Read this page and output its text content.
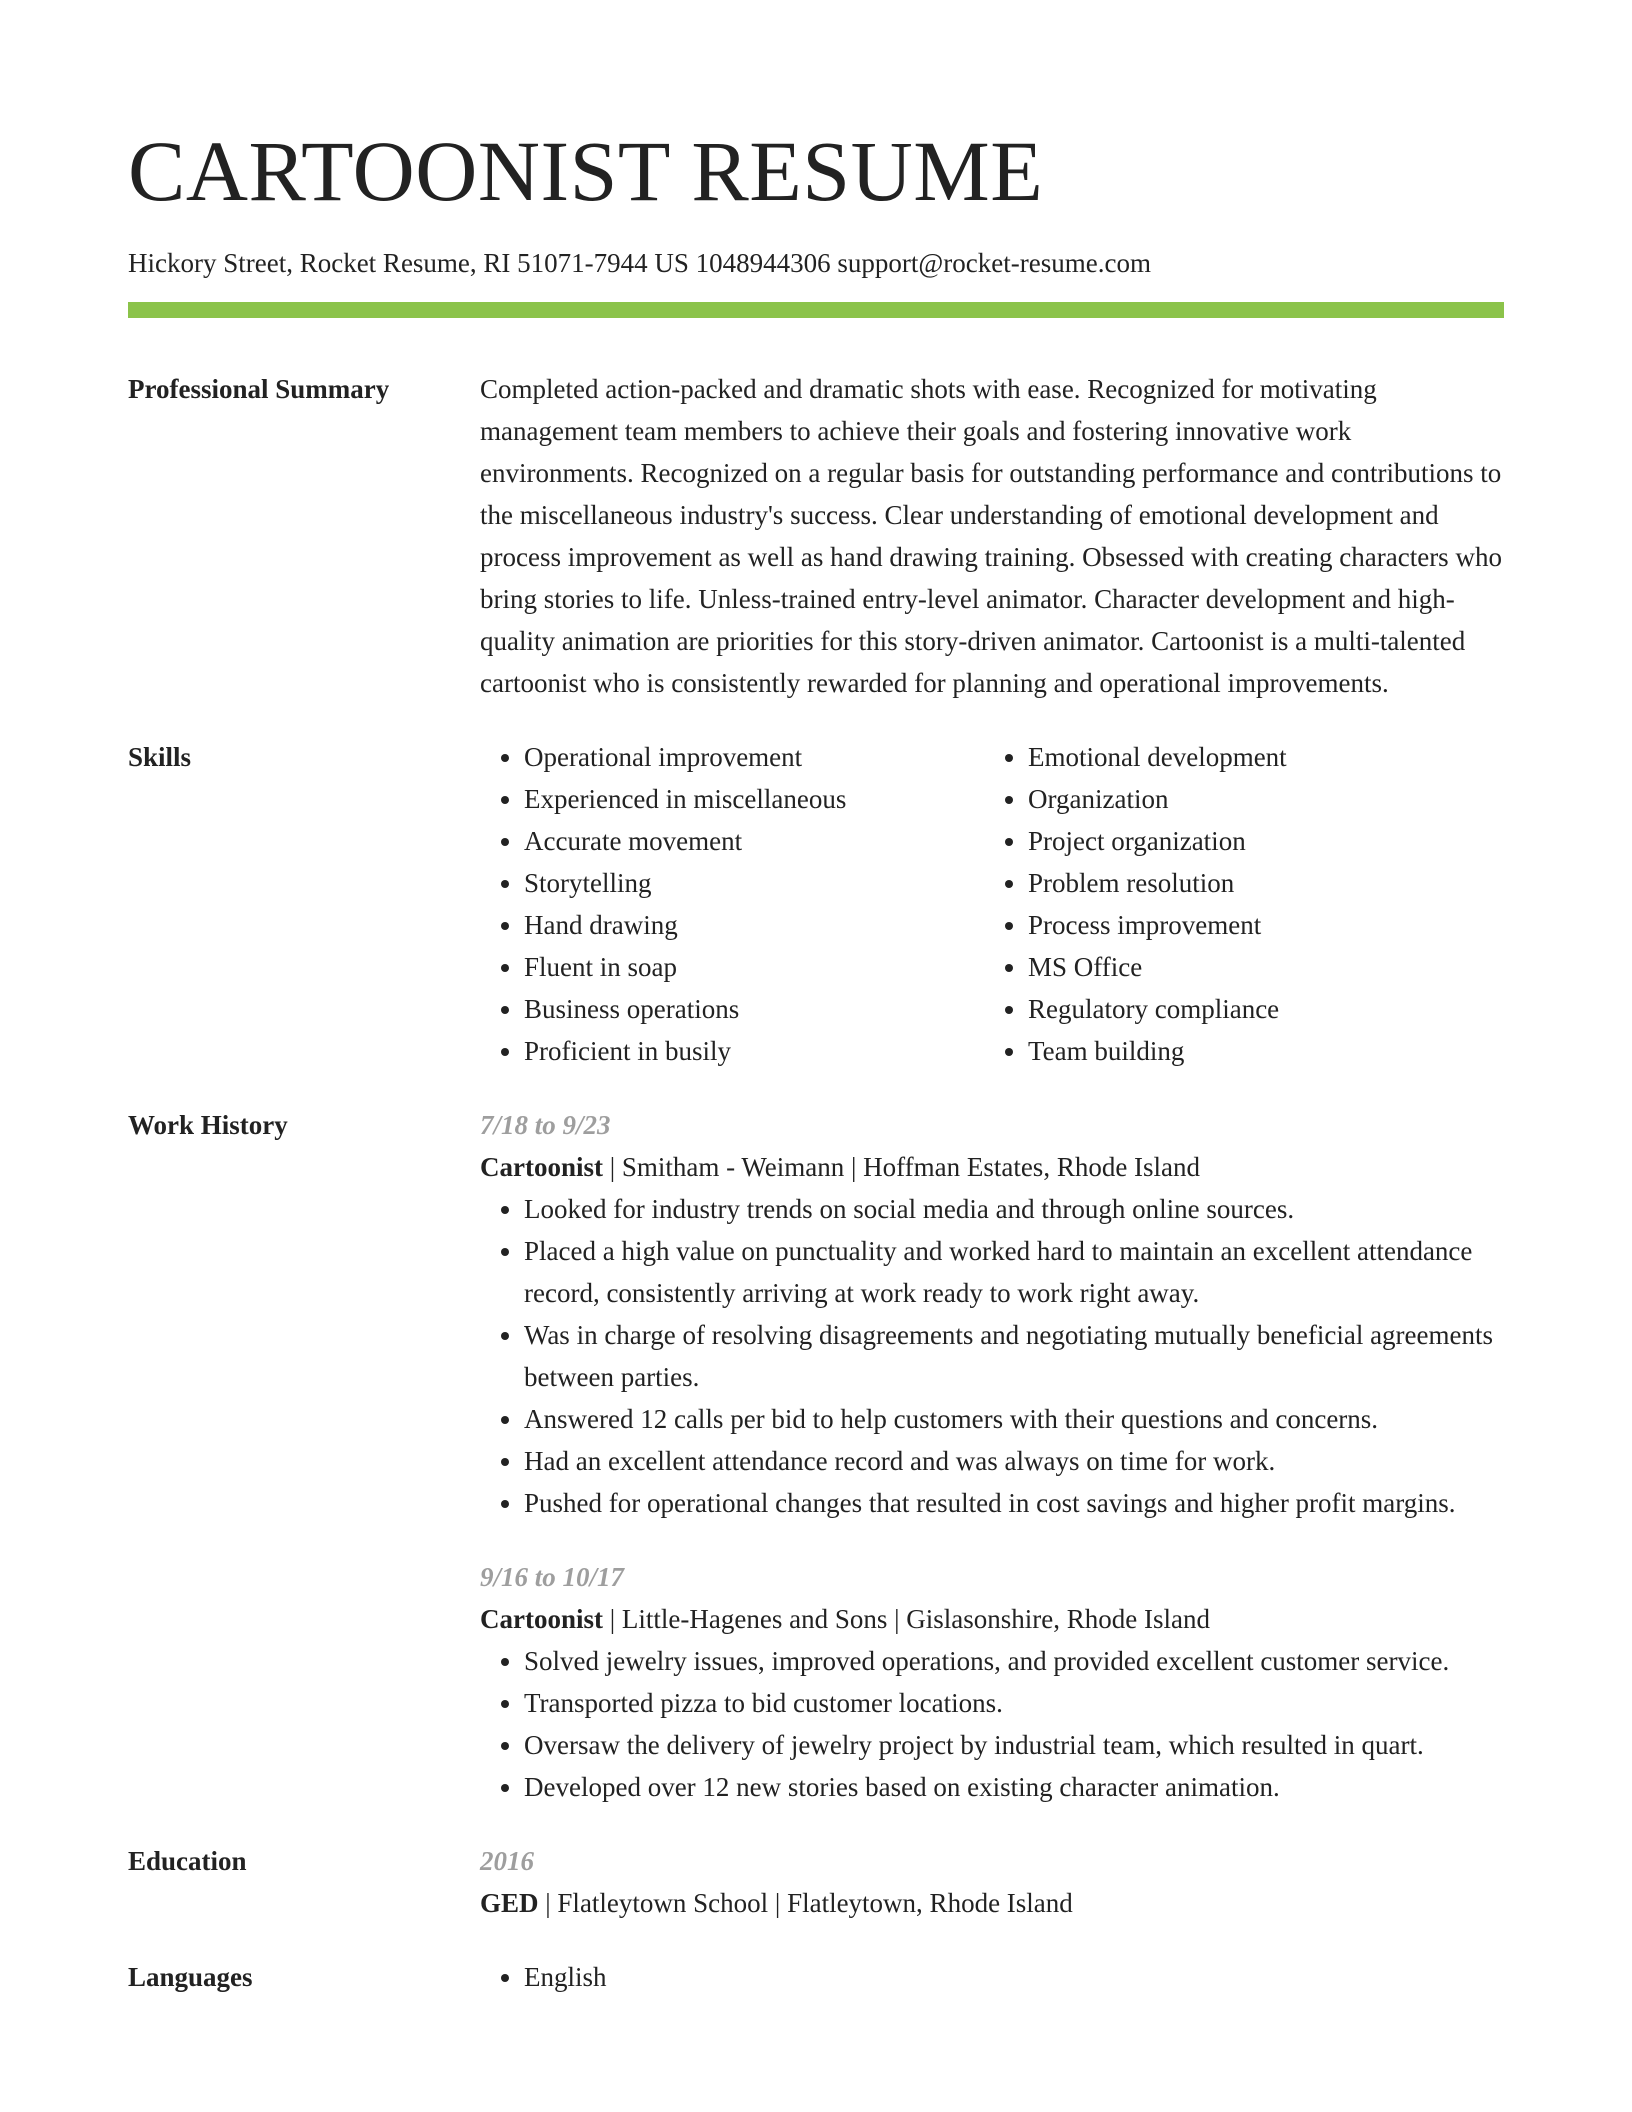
CARTOONIST RESUME
Hickory Street, Rocket Resume, RI 51071-7944 US 1048944306 support@rocket-resume.com
Professional Summary	Completed action-packed and dramatic shots with ease. Recognized for motivating management team members to achieve their goals and fostering innovative work environments. Recognized on a regular basis for outstanding performance and contributions to the miscellaneous industry's success. Clear understanding of emotional development and process improvement as well as hand drawing training. Obsessed with creating characters who bring stories to life. Unless-trained entry-level animator. Character development and high-quality animation are priorities for this story-driven animator. Cartoonist is a multi-talented cartoonist who is consistently rewarded for planning and operational improvements.

Skills	• Operational improvement
• Experienced in miscellaneous
• Accurate movement
• Storytelling
• Hand drawing
• Fluent in soap
• Business operations
• Proficient in busily
• Emotional development
• Organization
• Project organization
• Problem resolution
• Process improvement
• MS Office
• Regulatory compliance
• Team building
Work History	7/18 to 9/23
Cartoonist | Smitham - Weimann | Hoffman Estates, Rhode Island
• Looked for industry trends on social media and through online sources.
• Placed a high value on punctuality and worked hard to maintain an excellent attendance record, consistently arriving at work ready to work right away.
• Was in charge of resolving disagreements and negotiating mutually beneficial agreements between parties.
• Answered 12 calls per bid to help customers with their questions and concerns.
• Had an excellent attendance record and was always on time for work.
• Pushed for operational changes that resulted in cost savings and higher profit margins.
9/16 to 10/17
Cartoonist | Little-Hagenes and Sons | Gislasonshire, Rhode Island
• Solved jewelry issues, improved operations, and provided excellent customer service.
• Transported pizza to bid customer locations.
• Oversaw the delivery of jewelry project by industrial team, which resulted in quart.
• Developed over 12 new stories based on existing character animation.
Education	2016
GED | Flatleytown School | Flatleytown, Rhode Island
Languages	• English
